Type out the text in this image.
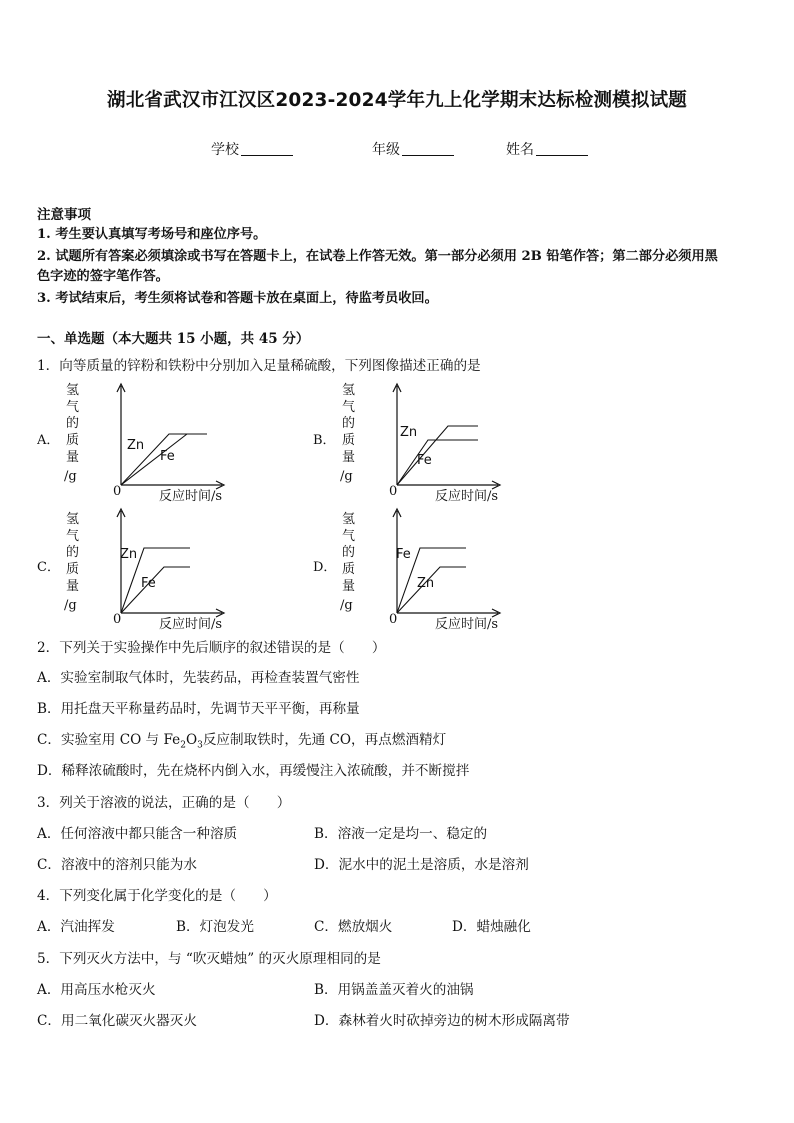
湖北省武汉市江汉区2023-2024学年九上化学期末达标检测模拟试题
学校	年级	姓名
注意事项
1. 考生要认真填写考场号和座位序号。
2. 试题所有答案必须填涂或书写在答题卡上，在试卷上作答无效。第一部分必须用 2B 铅笔作答；第二部分必须用黑
色字迹的签字笔作答。
3. 考试结束后，考生须将试卷和答题卡放在桌面上，待监考员收回。
一、单选题（本大题共 15 小题，共 45 分）
1．向等质量的锌粉和铁粉中分别加入足量稀硫酸，下列图像描述正确的是
A．
氢
气
的
质
量
/g
0	反应时间/s
Zn
Fe
B．
氢
气
的
质
量
/g
0	反应时间/s
Zn
Fe
C．
氢
气
的
质
量
/g
0	反应时间/s
Zn
Fe
D．
氢
气
的
质
量
/g
0	反应时间/s
Fe
Zn
2．下列关于实验操作中先后顺序的叙述错误的是（　　）
A．实验室制取气体时，先装药品，再检查装置气密性
B．用托盘天平称量药品时，先调节天平平衡，再称量
C．实验室用 CO 与 $Fe_2O_3$反应制取铁时，先通 CO，再点燃酒精灯
D．稀释浓硫酸时，先在烧杯内倒入水，再缓慢注入浓硫酸，并不断搅拌
3．列关于溶液的说法，正确的是（　　）
A．任何溶液中都只能含一种溶质	B．溶液一定是均一、稳定的
C．溶液中的溶剂只能为水	D．泥水中的泥土是溶质，水是溶剂
4．下列变化属于化学变化的是（　　）
A．汽油挥发	B．灯泡发光	C．燃放烟火	D．蜡烛融化
5．下列灭火方法中，与 “吹灭蜡烛” 的灭火原理相同的是
A．用高压水枪灭火	B．用锅盖盖灭着火的油锅
C．用二氧化碳灭火器灭火	D．森林着火时砍掉旁边的树木形成隔离带
